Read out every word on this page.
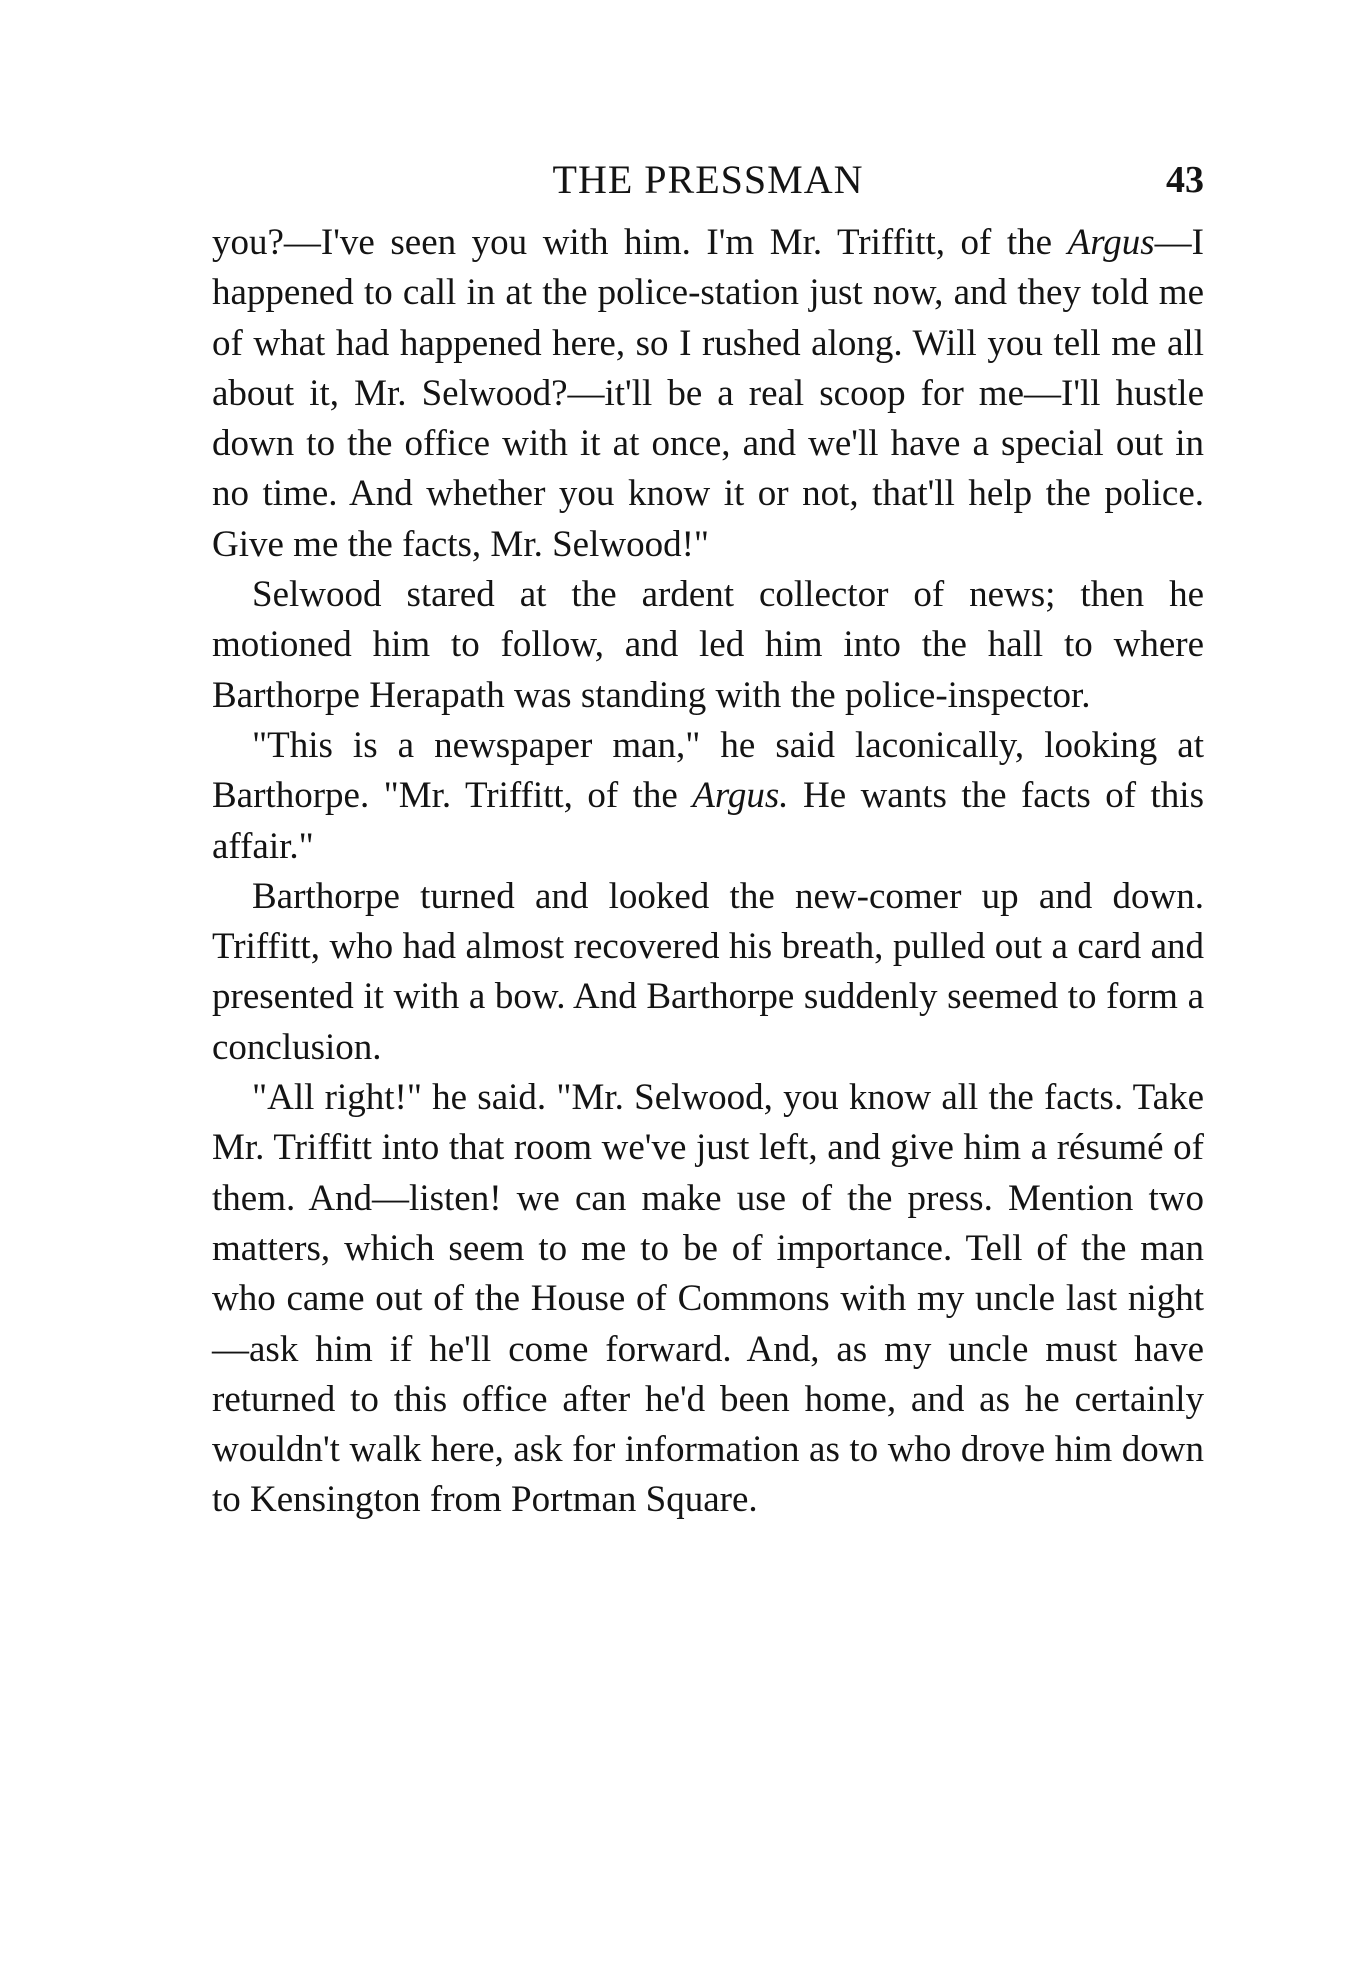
THE PRESSMAN	43

you?—I've seen you with him. I'm Mr. Triffitt, of the Argus—I happened to call in at the police-station just now, and they told me of what had happened here, so I rushed along. Will you tell me all about it, Mr. Selwood?—it'll be a real scoop for me—I'll hustle down to the office with it at once, and we'll have a special out in no time. And whether you know it or not, that'll help the police. Give me the facts, Mr. Selwood!"

Selwood stared at the ardent collector of news; then he motioned him to follow, and led him into the hall to where Barthorpe Herapath was standing with the police-inspector.

"This is a newspaper man," he said laconically, looking at Barthorpe. "Mr. Triffitt, of the Argus. He wants the facts of this affair."

Barthorpe turned and looked the new-comer up and down. Triffitt, who had almost recovered his breath, pulled out a card and presented it with a bow. And Barthorpe suddenly seemed to form a conclusion.

"All right!" he said. "Mr. Selwood, you know all the facts. Take Mr. Triffitt into that room we've just left, and give him a résumé of them. And—listen! we can make use of the press. Mention two matters, which seem to me to be of importance. Tell of the man who came out of the House of Commons with my uncle last night—ask him if he'll come forward. And, as my uncle must have returned to this office after he'd been home, and as he certainly wouldn't walk here, ask for information as to who drove him down to Kensington from Portman Square.
